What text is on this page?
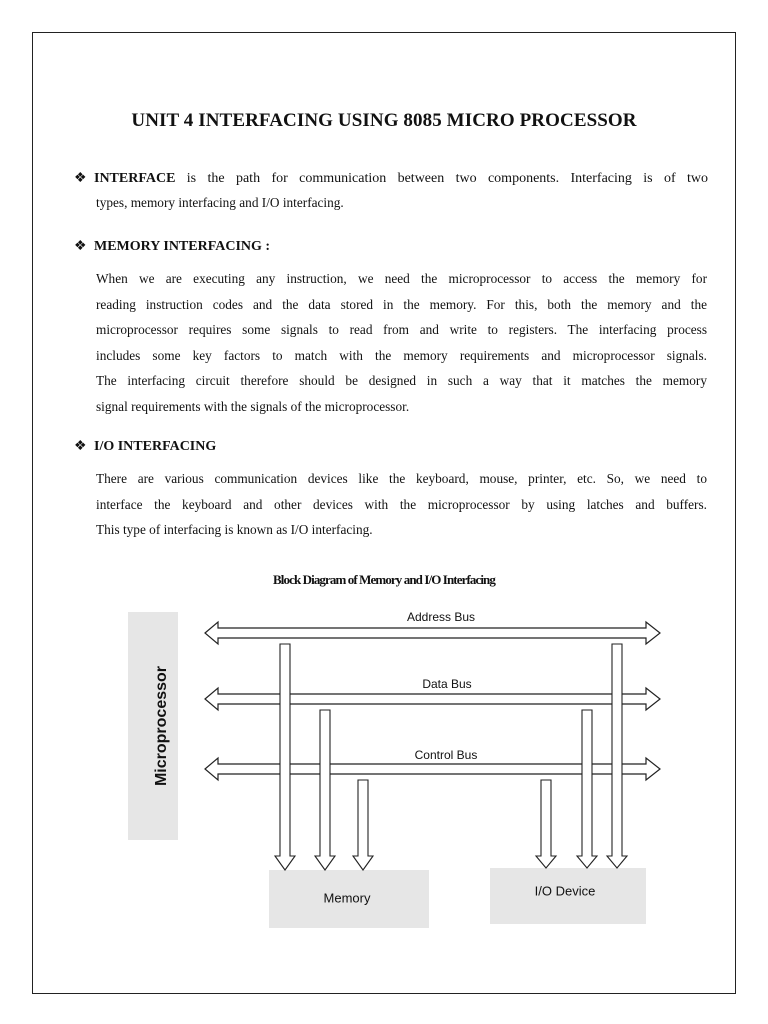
UNIT 4 INTERFACING USING 8085 MICRO PROCESSOR
❖ INTERFACE is the path for communication between two components. Interfacing is of two
types, memory interfacing and I/O interfacing.
❖ MEMORY INTERFACING :
When we are executing any instruction, we need the microprocessor to access the memory for
reading instruction codes and the data stored in the memory. For this, both the memory and the
microprocessor requires some signals to read from and write to registers. The interfacing process
includes some key factors to match with the memory requirements and microprocessor signals.
The interfacing circuit therefore should be designed in such a way that it matches the memory
signal requirements with the signals of the microprocessor.
❖ I/O INTERFACING
There are various communication devices like the keyboard, mouse, printer, etc. So, we need to
interface the keyboard and other devices with the microprocessor by using latches and buffers.
This type of interfacing is known as I/O interfacing.
Block Diagram of Memory and I/O Interfacing
Microprocessor
Memory	I/O Device
Address Bus
Data Bus
Control Bus
